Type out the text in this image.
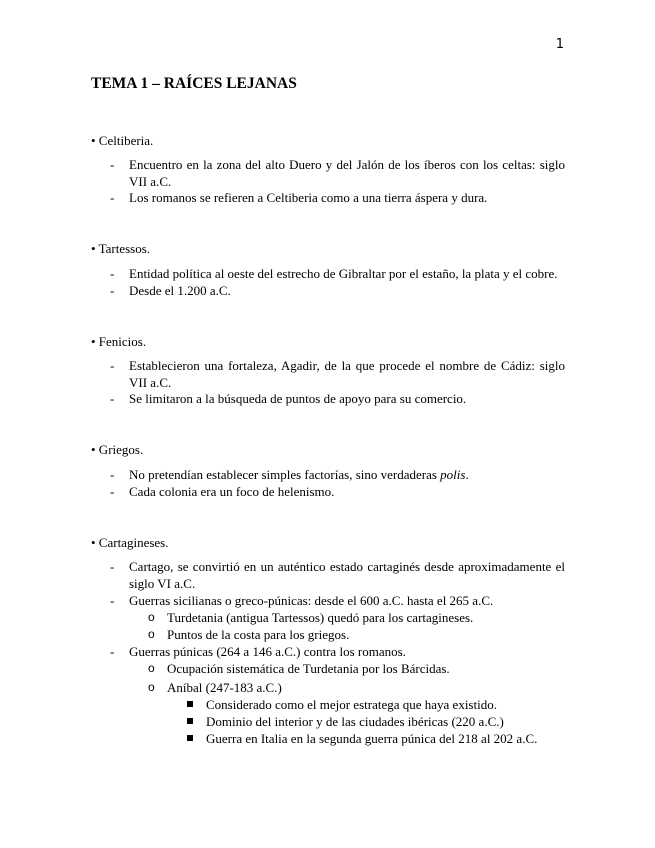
1
TEMA 1 – RAÍCES LEJANAS
• Celtiberia.
- Encuentro en la zona del alto Duero y del Jalón de los íberos con los celtas: siglo VII a.C.
- Los romanos se refieren a Celtiberia como a una tierra áspera y dura.
• Tartessos.
- Entidad política al oeste del estrecho de Gibraltar por el estaño, la plata y el cobre.
- Desde el 1.200 a.C.
• Fenicios.
- Establecieron una fortaleza, Agadir, de la que procede el nombre de Cádiz: siglo VII a.C.
- Se limitaron a la búsqueda de puntos de apoyo para su comercio.
• Griegos.
- No pretendían establecer simples factorías, sino verdaderas polis.
- Cada colonia era un foco de helenismo.
• Cartagineses.
- Cartago, se convirtió en un auténtico estado cartaginés desde aproximadamente el siglo VI a.C.
- Guerras sicilianas o greco-púnicas: desde el 600 a.C. hasta el 265 a.C.
o Turdetania (antigua Tartessos) quedó para los cartagineses.
o Puntos de la costa para los griegos.
- Guerras púnicas (264 a 146 a.C.) contra los romanos.
o Ocupación sistemática de Turdetania por los Bárcidas.
o Aníbal (247-183 a.C.)
Considerado como el mejor estratega que haya existido.
Dominio del interior y de las ciudades ibéricas (220 a.C.)
Guerra en Italia en la segunda guerra púnica del 218 al 202 a.C.
